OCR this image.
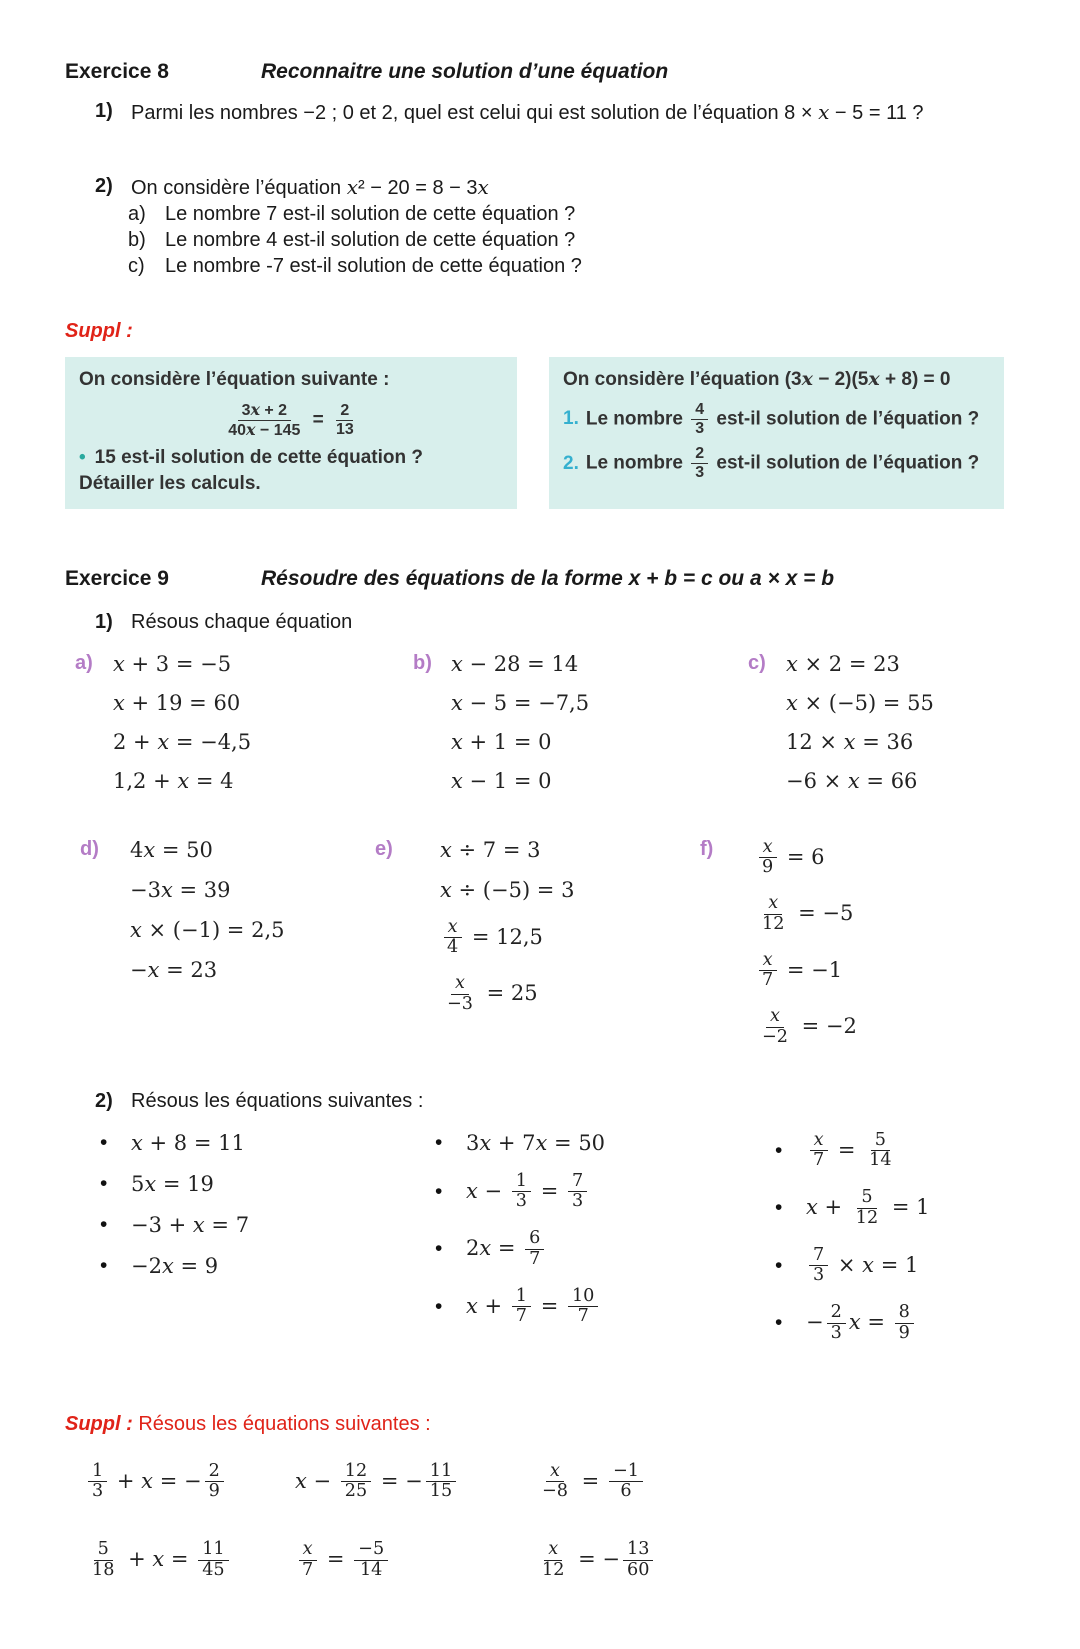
Exercice 8	Reconnaitre une solution d’une équation
1) Parmi les nombres −2 ; 0 et 2, quel est celui qui est solution de l’équation 8 × x − 5 = 11 ?
2) On considère l’équation x² − 20 = 8 − 3x
a) Le nombre 7 est-il solution de cette équation ?
b) Le nombre 4 est-il solution de cette équation ?
c)	Le nombre -7 est-il solution de cette équation ?
Suppl :
On considère l’équation suivante :
$\frac{3x + 2}{40x - 145} = \frac{2}{13}$
• 15 est-il solution de cette équation ? Détailler les calculs.
On considère l’équation (3x − 2)(5x + 8) = 0
1. Le nombre $\frac{4}{3} est-il$ solution de l’équation ?
2. Le nombre $\frac{2}{3} est-il$ solution de l’équation ?
Exercice 9	Résoudre des équations de la forme x + b = c ou a × x = b
1) Résous chaque équation
a) x + 3 = −5
x + 19 = 60
2 + x = −4,5
1,2 + x = 4
b) x − 28 = 14
x − 5 = −7,5
x + 1 = 0
x − 1 = 0
c) x × 2 = 23
x × (−5) = 55
12 × x = 36
−6 × x = 66
d)	4x = 50
−3x = 39
x × (−1) = 2,5
−x = 23
e)	x ÷ 7 = 3
x ÷ (−5) = 3
$\frac{x}{4} = 12,5$
$\frac{x}{-3} = 25$
f)	$\frac{x}{9} = 6$
$\frac{x}{12} = -5$
$\frac{x}{7} = -1$
$\frac{x}{-2} = -2$
2) Résous les équations suivantes :
•	x + 8 = 11
•	5x = 19
•	−3 + x = 7
•	−2x = 9
•	3x + 7x = 50
•	$x - \frac{1}{3} = \frac{7}{3}$
•	$2x = \frac{6}{7}$
•	$x + \frac{1}{7} = \frac{10}{7}$
•	$\frac{x}{7} = \frac{5}{14}$
•	$x + \frac{5}{12} = 1$
•	$\frac{7}{3} \times x = 1$
•	− $\frac{2}{3}$ $x = \frac{8}{9}$
Suppl : Résous les équations suivantes :
$\frac{1}{3} + x$ = − $\frac{2}{9}$	$x - \frac{12}{25}$ = − $\frac{11}{15}$	$\frac{x}{-8} = \frac{-1}{6}$
$\frac{5}{18} + x = \frac{11}{45}$	$\frac{x}{7} = \frac{-5}{14}$	$\frac{x}{12}$ = − $\frac{13}{60}$
